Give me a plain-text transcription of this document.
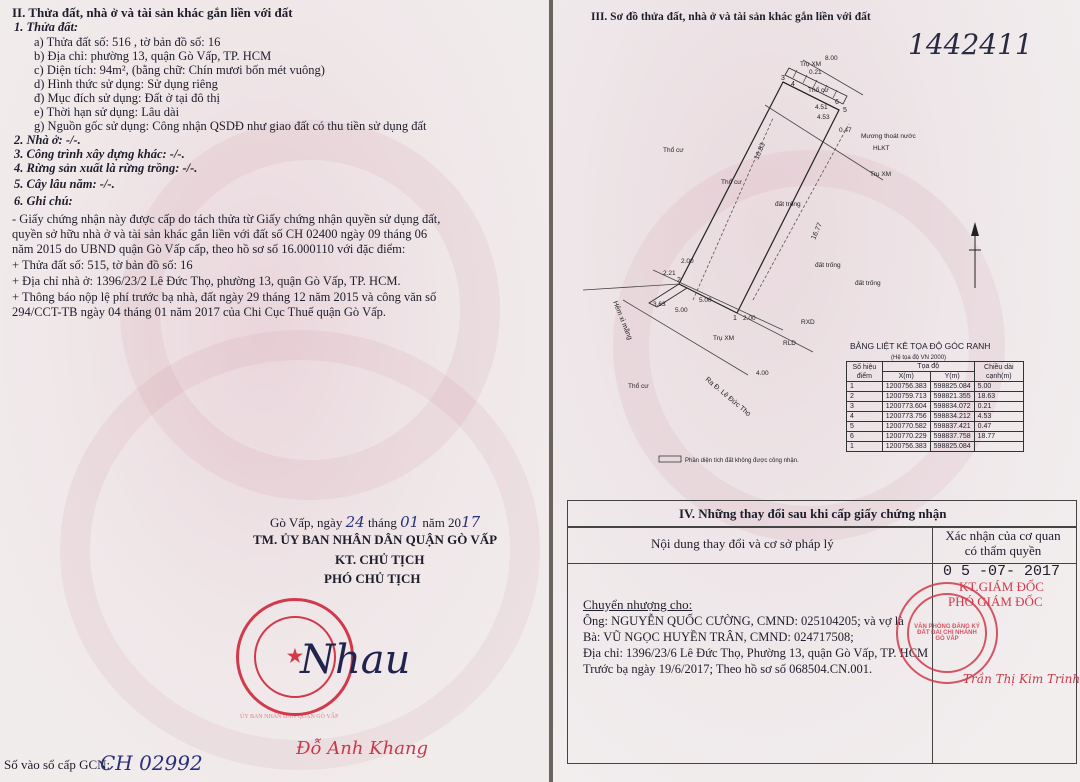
II. Thửa đất, nhà ở và tài sản khác gắn liền với đất
1. Thửa đất:
a) Thửa đất số: 516 , tờ bản đồ số: 16
b) Địa chỉ: phường 13, quận Gò Vấp, TP. HCM
c) Diện tích: 94m², (bằng chữ: Chín mươi bốn mét vuông)
d) Hình thức sử dụng: Sử dụng riêng
đ) Mục đích sử dụng: Đất ở tại đô thị
e) Thời hạn sử dụng: Lâu dài
g) Nguồn gốc sử dụng: Công nhận QSDĐ như giao đất có thu tiền sử dụng đất
2. Nhà ở: -/-.
3. Công trình xây dựng khác: -/-.
4. Rừng sản xuất là rừng trồng: -/-.
5. Cây lâu năm: -/-.
6. Ghi chú:
- Giấy chứng nhận này được cấp do tách thửa từ Giấy chứng nhận quyền sử dụng đất,
quyền sở hữu nhà ở và tài sản khác gắn liền với đất số CH 02400 ngày 09 tháng 06
năm 2015 do UBND quận Gò Vấp cấp, theo hồ sơ số 16.000110 với đặc điểm:
+ Thửa đất số: 515, tờ bản đồ số: 16
+ Địa chỉ nhà ở: 1396/23/2 Lê Đức Thọ, phường 13, quận Gò Vấp, TP. HCM.
+ Thông báo nộp lệ phí trước bạ nhà, đất ngày 29 tháng 12 năm 2015 và công văn số
294/CCT-TB ngày 04 tháng 01 năm 2017 của Chi Cục Thuế quận Gò Vấp.
Gò Vấp, ngày 24 tháng 01 năm 2017
TM. ỦY BAN NHÂN DÂN QUẬN GÒ VẤP
KT. CHỦ TỊCH
PHÓ CHỦ TỊCH
★
ỦY BAN NHÂN DÂN QUẬN GÒ VẤP
Nhau
Đỗ Anh Khang
Số vào sổ cấp GCN:
CH 02992
III. Sơ đồ thửa đất, nhà ở và tài sản khác gắn liền với đất
1442411
1
2
3
4
5
6
Thổ cư
Thổ cư
Thổ cư
Thổ cư
đất trống
đất trống
đất trống
Trụ XM
Trụ XM
Trụ XM
4.51
4.53
0.21
0.47
8.00
2.00
2.00
5.00
5.00
2.21
3.63
4.00
RXD
RLD
HLKT
Mương thoát nước
16.83
16.77
Hẻm xi măng
Ra Đ. Lê Đức Thọ
Phần diện tích đất không được công nhận.
BẢNG LIỆT KÊ TỌA ĐỘ GÓC RANH
(Hệ tọa độ VN 2000)
Số hiệu điểm	Tọa độ		Chiều dài cạnh(m)
	X(m)	Y(m)	
1	1200756.383	598825.084	5.00
2	1200759.713	598821.355	18.63
3	1200773.604	598834.072	0.21
4	1200773.756	598834.212	4.53
5	1200770.582	598837.421	0.47
6	1200770.229	598837.758	18.77
1	1200756.383	598825.084	
IV. Những thay đổi sau khi cấp giấy chứng nhận
Nội dung thay đổi và cơ sở pháp lý
Xác nhận của cơ quan
có thẩm quyền
Chuyển nhượng cho:
Ông: NGUYỄN QUỐC CƯỜNG, CMND: 025104205; và vợ là
Bà: VŨ NGỌC HUYỀN TRÂN, CMND: 024717508;
Địa chỉ: 1396/23/6 Lê Đức Thọ, Phường 13, quận Gò Vấp, TP. HCM
Trước bạ ngày 19/6/2017; Theo hồ sơ số 068504.CN.001.
0 5 -07- 2017
KT.GIÁM ĐỐC
PHÓ GIÁM ĐỐC
VĂN PHÒNG ĐĂNG KÝ ĐẤT ĐAI CHI NHÁNH GÒ VẤP
Trần Thị Kim Trinh
